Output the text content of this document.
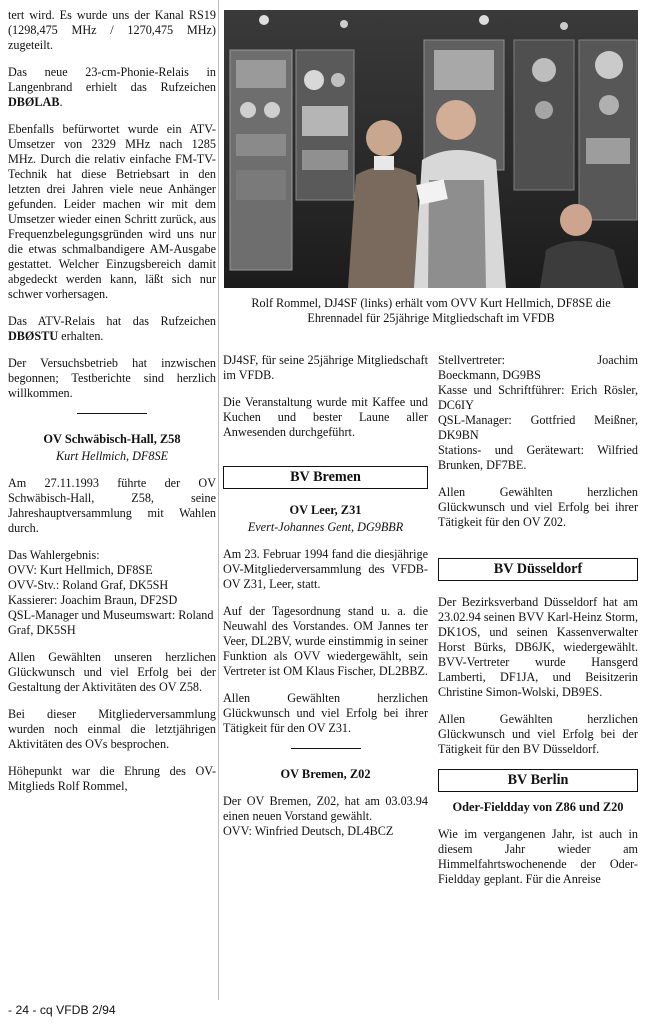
tert wird. Es wurde uns der Kanal RS19 (1298,475 MHz / 1270,475 MHz) zugeteilt.

Das neue 23-cm-Phonie-Relais in Langenbrand erhielt das Rufzeichen DBØLAB.

Ebenfalls befürwortet wurde ein ATV-Umsetzer von 2329 MHz nach 1285 MHz. Durch die relativ einfache FM-TV-Technik hat diese Betriebsart in den letzten drei Jahren viele neue Anhänger gefunden. Leider machen wir mit dem Umsetzer wieder einen Schritt zurück, aus Frequenzbelegungsgründen wird uns nur die etwas schmalbandigere AM-Ausgabe gestattet. Welcher Einzugsbereich damit abgedeckt werden kann, läßt sich nur schwer vorhersagen.

Das ATV-Relais hat das Rufzeichen DBØSTU erhalten.

Der Versuchsbetrieb hat inzwischen begonnen; Testberichte sind herzlich willkommen.

OV Schwäbisch-Hall, Z58
Kurt Hellmich, DF8SE

Am 27.11.1993 führte der OV Schwäbisch-Hall, Z58, seine Jahreshauptversammlung mit Wahlen durch.

Das Wahlergebnis:
OVV: Kurt Hellmich, DF8SE
OVV-Stv.: Roland Graf, DK5SH
Kassierer: Joachim Braun, DF2SD
QSL-Manager und Museumswart: Roland Graf, DK5SH

Allen Gewählten unseren herzlichen Glückwunsch und viel Erfolg bei der Gestaltung der Aktivitäten des OV Z58.

Bei dieser Mitgliederversammlung wurden noch einmal die letztjährigen Aktivitäten des OVs besprochen.

Höhepunkt war die Ehrung des OV-Mitglieds Rolf Rommel,

Rolf Rommel, DJ4SF (links) erhält vom OVV Kurt Hellmich, DF8SE die Ehrennadel für 25jährige Mitgliedschaft im VFDB

DJ4SF, für seine 25jährige Mitgliedschaft im VFDB.

Die Veranstaltung wurde mit Kaffee und Kuchen und bester Laune aller Anwesenden durchgeführt.

BV Bremen
OV Leer, Z31
Evert-Johannes Gent, DG9BBR

Am 23. Februar 1994 fand die diesjährige OV-Mitgliederversammlung des VFDB-OV Z31, Leer, statt.

Auf der Tagesordnung stand u. a. die Neuwahl des Vorstandes. OM Jannes ter Veer, DL2BV, wurde einstimmig in seiner Funktion als OVV wiedergewählt, sein Vertreter ist OM Klaus Fischer, DL2BBZ.

Allen Gewählten herzlichen Glückwunsch und viel Erfolg bei ihrer Tätigkeit für den OV Z31.

OV Bremen, Z02

Der OV Bremen, Z02, hat am 03.03.94 einen neuen Vorstand gewählt.

OVV: Winfried Deutsch, DL4BCZ
Stellvertreter:	Joachim
Boeckmann, DG9BS
Kasse und Schriftführer: Erich Rösler, DC6IY
QSL-Manager: Gottfried Meißner, DK9BN
Stations- und Gerätewart: Wilfried Brunken, DF7BE.

Allen Gewählten herzlichen Glückwunsch und viel Erfolg bei ihrer Tätigkeit für den OV Z02.

BV Düsseldorf

Der Bezirksverband Düsseldorf hat am 23.02.94 seinen BVV Karl-Heinz Storm, DK1OS, und seinen Kassenverwalter Horst Bürks, DB6JK, wiedergewählt. BVV-Vertreter wurde Hansgerd Lamberti, DF1JA, und Beisitzerin Christine Simon-Wolski, DB9ES.

Allen Gewählten herzlichen Glückwunsch und viel Erfolg bei der Tätigkeit für den BV Düsseldorf.

BV Berlin
Oder-Fieldday von Z86 und Z20

Wie im vergangenen Jahr, ist auch in diesem Jahr wieder am Himmelfahrtswochenende der Oder-Fieldday geplant. Für die Anreise

- 24 - cq VFDB 2/94
